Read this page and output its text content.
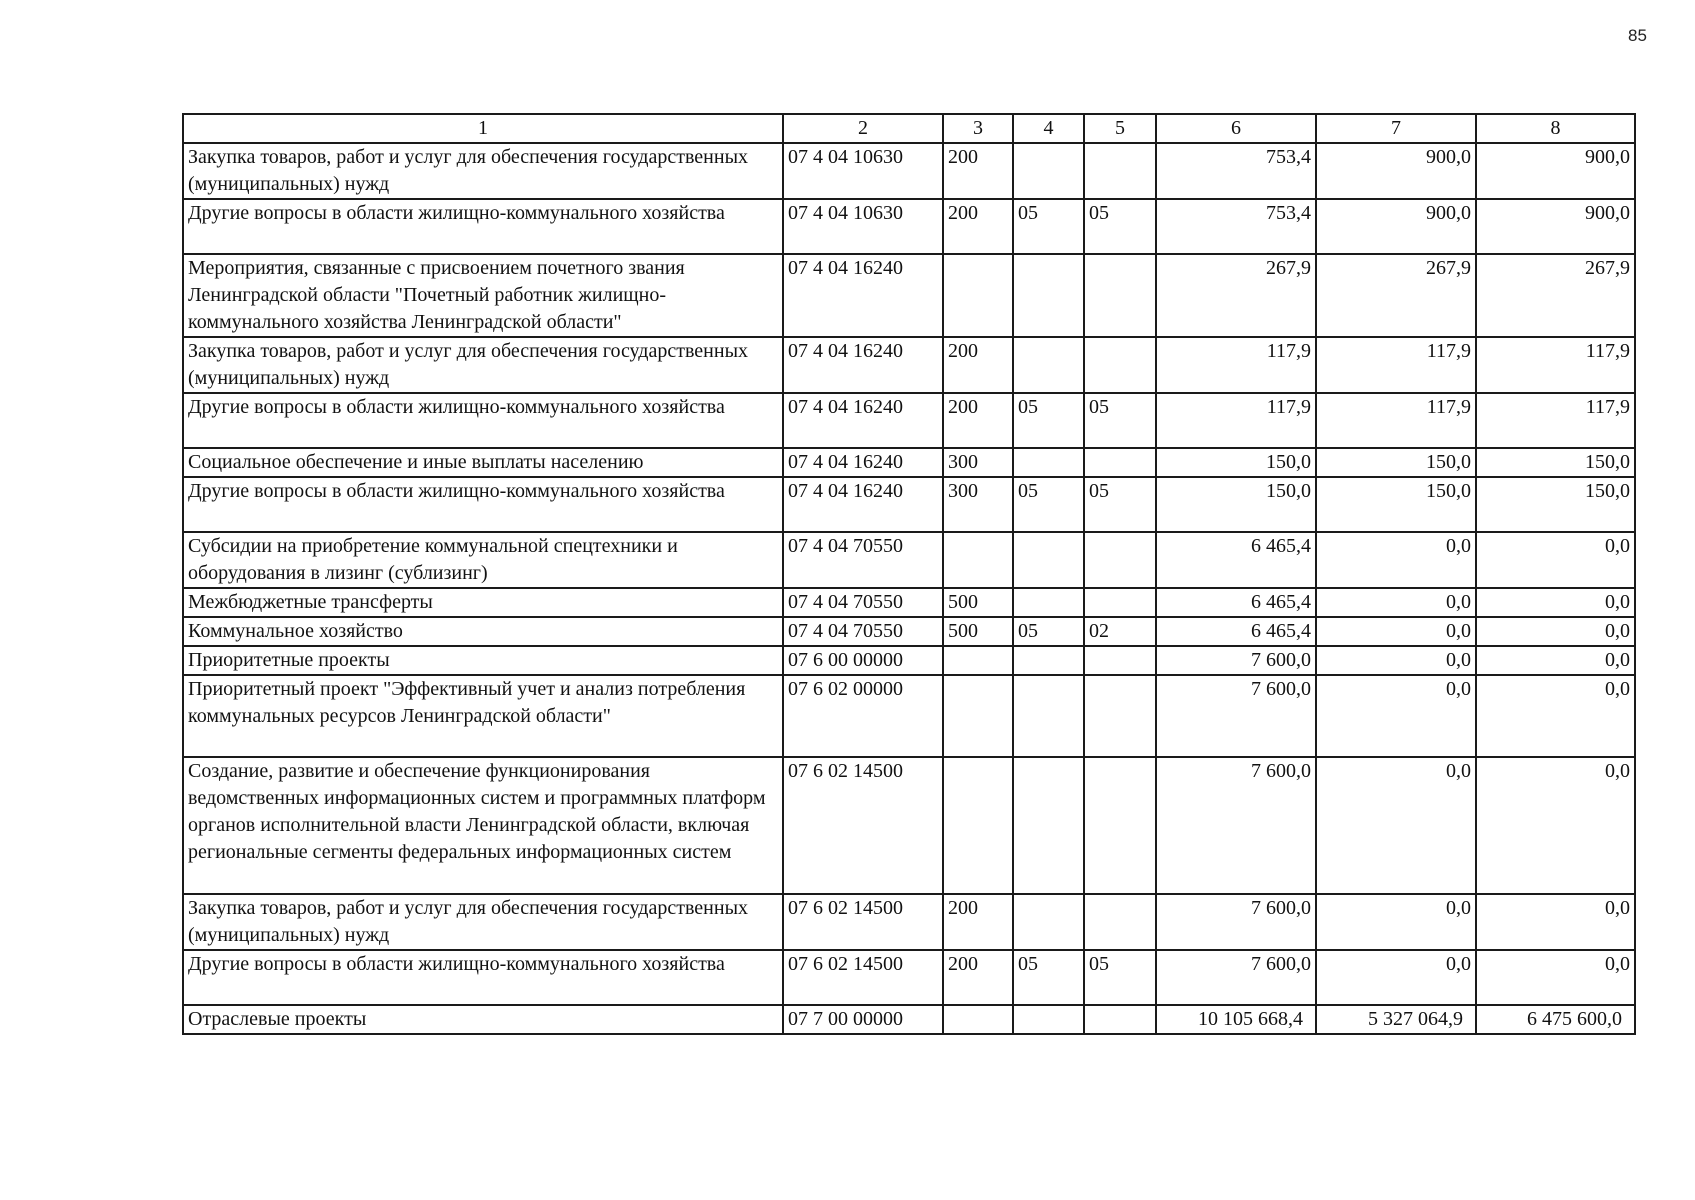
85
1	2	3	4	5	6	7	8
Закупка товаров, работ и услуг для обеспечения государственных (муниципальных) нужд	07 4 04 10630	200			753,4	900,0	900,0
Другие вопросы в области жилищно-коммунального хозяйства	07 4 04 10630	200	05	05	753,4	900,0	900,0
Мероприятия, связанные с присвоением почетного звания Ленинградской области "Почетный работник жилищно-коммунального хозяйства Ленинградской области"	07 4 04 16240				267,9	267,9	267,9
Закупка товаров, работ и услуг для обеспечения государственных (муниципальных) нужд	07 4 04 16240	200			117,9	117,9	117,9
Другие вопросы в области жилищно-коммунального хозяйства	07 4 04 16240	200	05	05	117,9	117,9	117,9
Социальное обеспечение и иные выплаты населению	07 4 04 16240	300			150,0	150,0	150,0
Другие вопросы в области жилищно-коммунального хозяйства	07 4 04 16240	300	05	05	150,0	150,0	150,0
Субсидии на приобретение коммунальной спецтехники и оборудования в лизинг (сублизинг)	07 4 04 70550				6 465,4	0,0	0,0
Межбюджетные трансферты	07 4 04 70550	500			6 465,4	0,0	0,0
Коммунальное хозяйство	07 4 04 70550	500	05	02	6 465,4	0,0	0,0
Приоритетные проекты	07 6 00 00000				7 600,0	0,0	0,0
Приоритетный проект "Эффективный учет и анализ потребления коммунальных ресурсов Ленинградской области"	07 6 02 00000				7 600,0	0,0	0,0
Создание, развитие и обеспечение функционирования ведомственных информационных систем и программных платформ органов исполнительной власти Ленинградской области, включая региональные сегменты федеральных информационных систем	07 6 02 14500				7 600,0	0,0	0,0
Закупка товаров, работ и услуг для обеспечения государственных (муниципальных) нужд	07 6 02 14500	200			7 600,0	0,0	0,0
Другие вопросы в области жилищно-коммунального хозяйства	07 6 02 14500	200	05	05	7 600,0	0,0	0,0
Отраслевые проекты	07 7 00 00000				10 105 668,4	5 327 064,9	6 475 600,0
